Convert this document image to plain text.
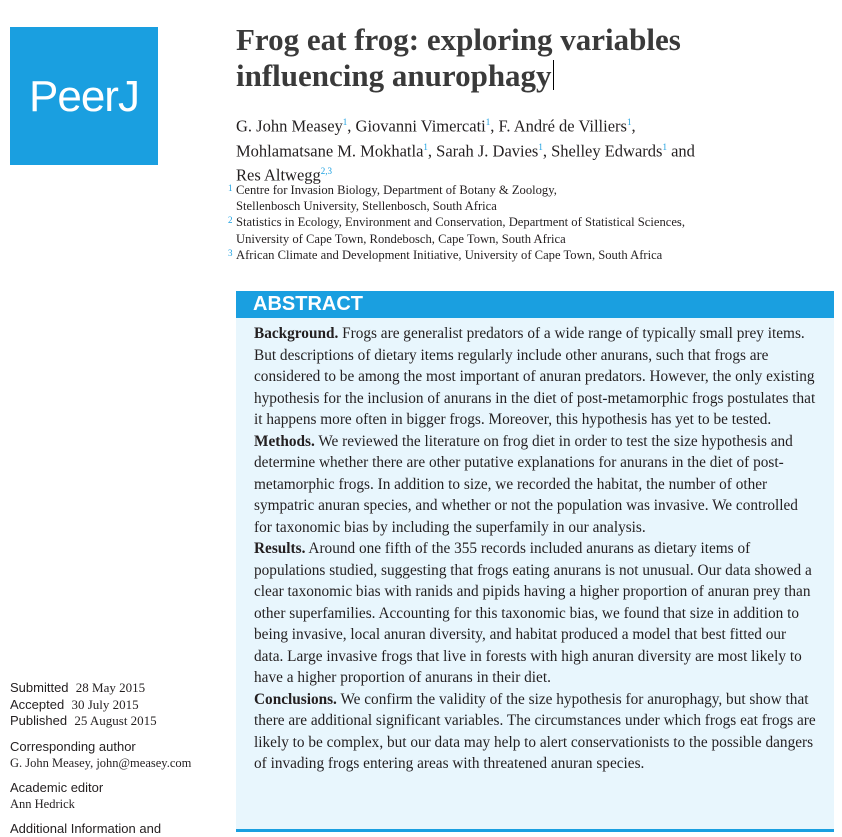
PeerJ
Frog eat frog: exploring variables
influencing anurophagy

G. John Measey$^1$, Giovanni Vimercati$^1$, F. André de Villiers$^1$,
Mohlamatsane M. Mokhatla$^1$, Sarah J. Davies$^1$, Shelley Edwards$^1$ and
Res Altwegg$^{2,3}$

1 Centre for Invasion Biology, Department of Botany & Zoology,
Stellenbosch University, Stellenbosch, South Africa
2 Statistics in Ecology, Environment and Conservation, Department of Statistical Sciences,
University of Cape Town, Rondebosch, Cape Town, South Africa
3 African Climate and Development Initiative, University of Cape Town, South Africa
ABSTRACT

Background. Frogs are generalist predators of a wide range of typically small prey items. But descriptions of dietary items regularly include other anurans, such that frogs are considered to be among the most important of anuran predators. However, the only existing hypothesis for the inclusion of anurans in the diet of post-metamorphic frogs postulates that it happens more often in bigger frogs. Moreover, this hypothesis has yet to be tested.

Methods. We reviewed the literature on frog diet in order to test the size hypothesis and determine whether there are other putative explanations for anurans in the diet of post-metamorphic frogs. In addition to size, we recorded the habitat, the number of other sympatric anuran species, and whether or not the population was invasive. We controlled for taxonomic bias by including the superfamily in our analysis.

Results. Around one fifth of the 355 records included anurans as dietary items of populations studied, suggesting that frogs eating anurans is not unusual. Our data showed a clear taxonomic bias with ranids and pipids having a higher proportion of anuran prey than other superfamilies. Accounting for this taxonomic bias, we found that size in addition to being invasive, local anuran diversity, and habitat produced a model that best fitted our data. Large invasive frogs that live in forests with high anuran diversity are most likely to have a higher proportion of anurans in their diet.

Conclusions. We confirm the validity of the size hypothesis for anurophagy, but show that there are additional significant variables. The circumstances under which frogs eat frogs are likely to be complex, but our data may help to alert conservationists to the possible dangers of invading frogs entering areas with threatened anuran species.

Submitted 28 May 2015
Accepted 30 July 2015
Published 25 August 2015
Corresponding author
G. John Measey, john@measey.com
Academic editor
Ann Hedrick
Additional Information and
